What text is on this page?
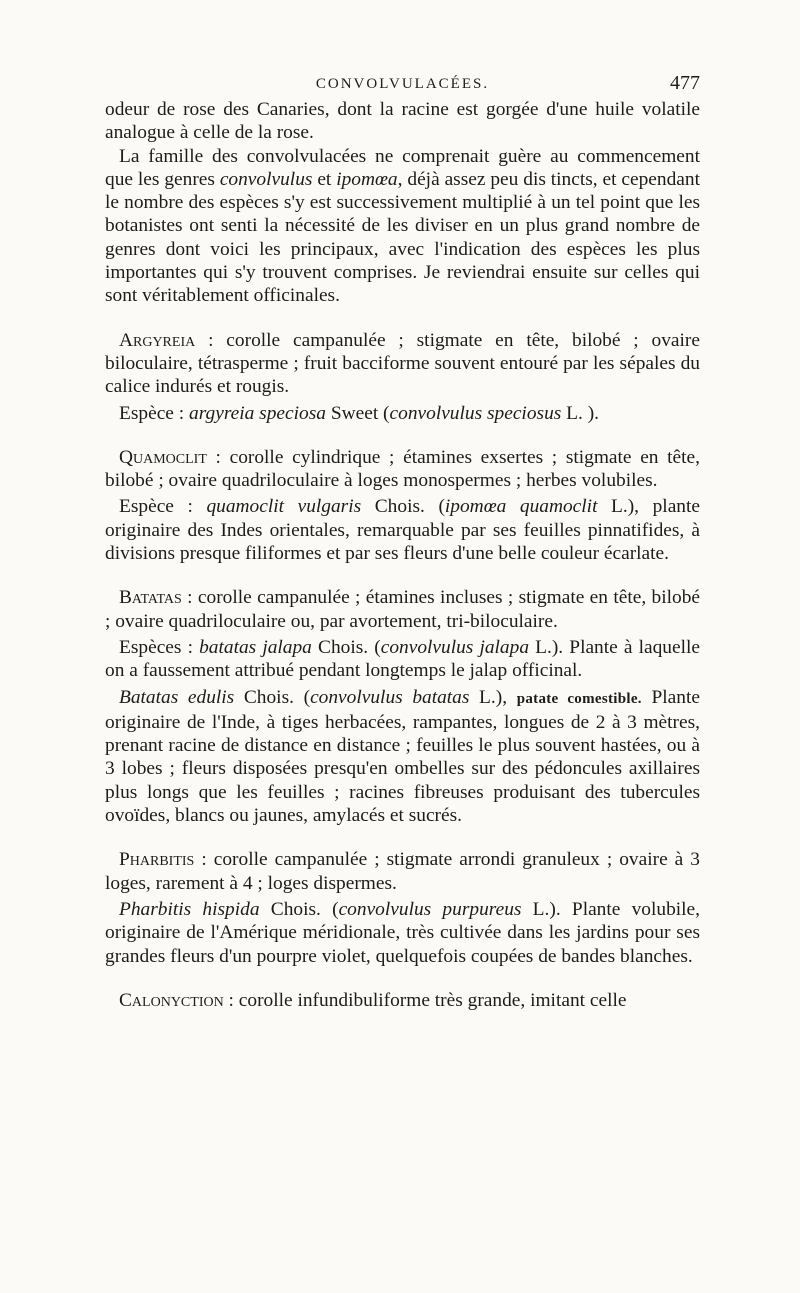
CONVOLVULACÉES.	477

odeur de rose des Canaries, dont la racine est gorgée d'une huile volatile analogue à celle de la rose.

La famille des convolvulacées ne comprenait guère au commencement que les genres convolvulus et ipomœa, déjà assez peu dis tincts, et cependant le nombre des espèces s'y est successivement multiplié à un tel point que les botanistes ont senti la nécessité de les diviser en un plus grand nombre de genres dont voici les principaux, avec l'indication des espèces les plus importantes qui s'y trouvent comprises. Je reviendrai ensuite sur celles qui sont véritablement officinales.

Argyreia : corolle campanulée ; stigmate en tête, bilobé ; ovaire biloculaire, tétrasperme ; fruit bacciforme souvent entouré par les sépales du calice indurés et rougis.

Espèce : argyreia speciosa Sweet (convolvulus speciosus L. ).

Quamoclit : corolle cylindrique ; étamines exsertes ; stigmate en tête, bilobé ; ovaire quadriloculaire à loges monospermes ; herbes volubiles.

Espèce : quamoclit vulgaris Chois. (ipomœa quamoclit L.), plante originaire des Indes orientales, remarquable par ses feuilles pinnatifides, à divisions presque filiformes et par ses fleurs d'une belle couleur écarlate.

Batatas : corolle campanulée ; étamines incluses ; stigmate en tête, bilobé ; ovaire quadriloculaire ou, par avortement, tri-biloculaire.

Espèces : batatas jalapa Chois. (convolvulus jalapa L.). Plante à laquelle on a faussement attribué pendant longtemps le jalap officinal.

Batatas edulis Chois. (convolvulus batatas L.), patate comestible. Plante originaire de l'Inde, à tiges herbacées, rampantes, longues de 2 à 3 mètres, prenant racine de distance en distance ; feuilles le plus souvent hastées, ou à 3 lobes ; fleurs disposées presqu'en ombelles sur des pédoncules axillaires plus longs que les feuilles ; racines fibreuses produisant des tubercules ovoïdes, blancs ou jaunes, amylacés et sucrés.

Pharbitis : corolle campanulée ; stigmate arrondi granuleux ; ovaire à 3 loges, rarement à 4 ; loges dispermes.

Pharbitis hispida Chois. (convolvulus purpureus L.). Plante volubile, originaire de l'Amérique méridionale, très cultivée dans les jardins pour ses grandes fleurs d'un pourpre violet, quelquefois coupées de bandes blanches.

Calonyction : corolle infundibuliforme très grande, imitant celle
